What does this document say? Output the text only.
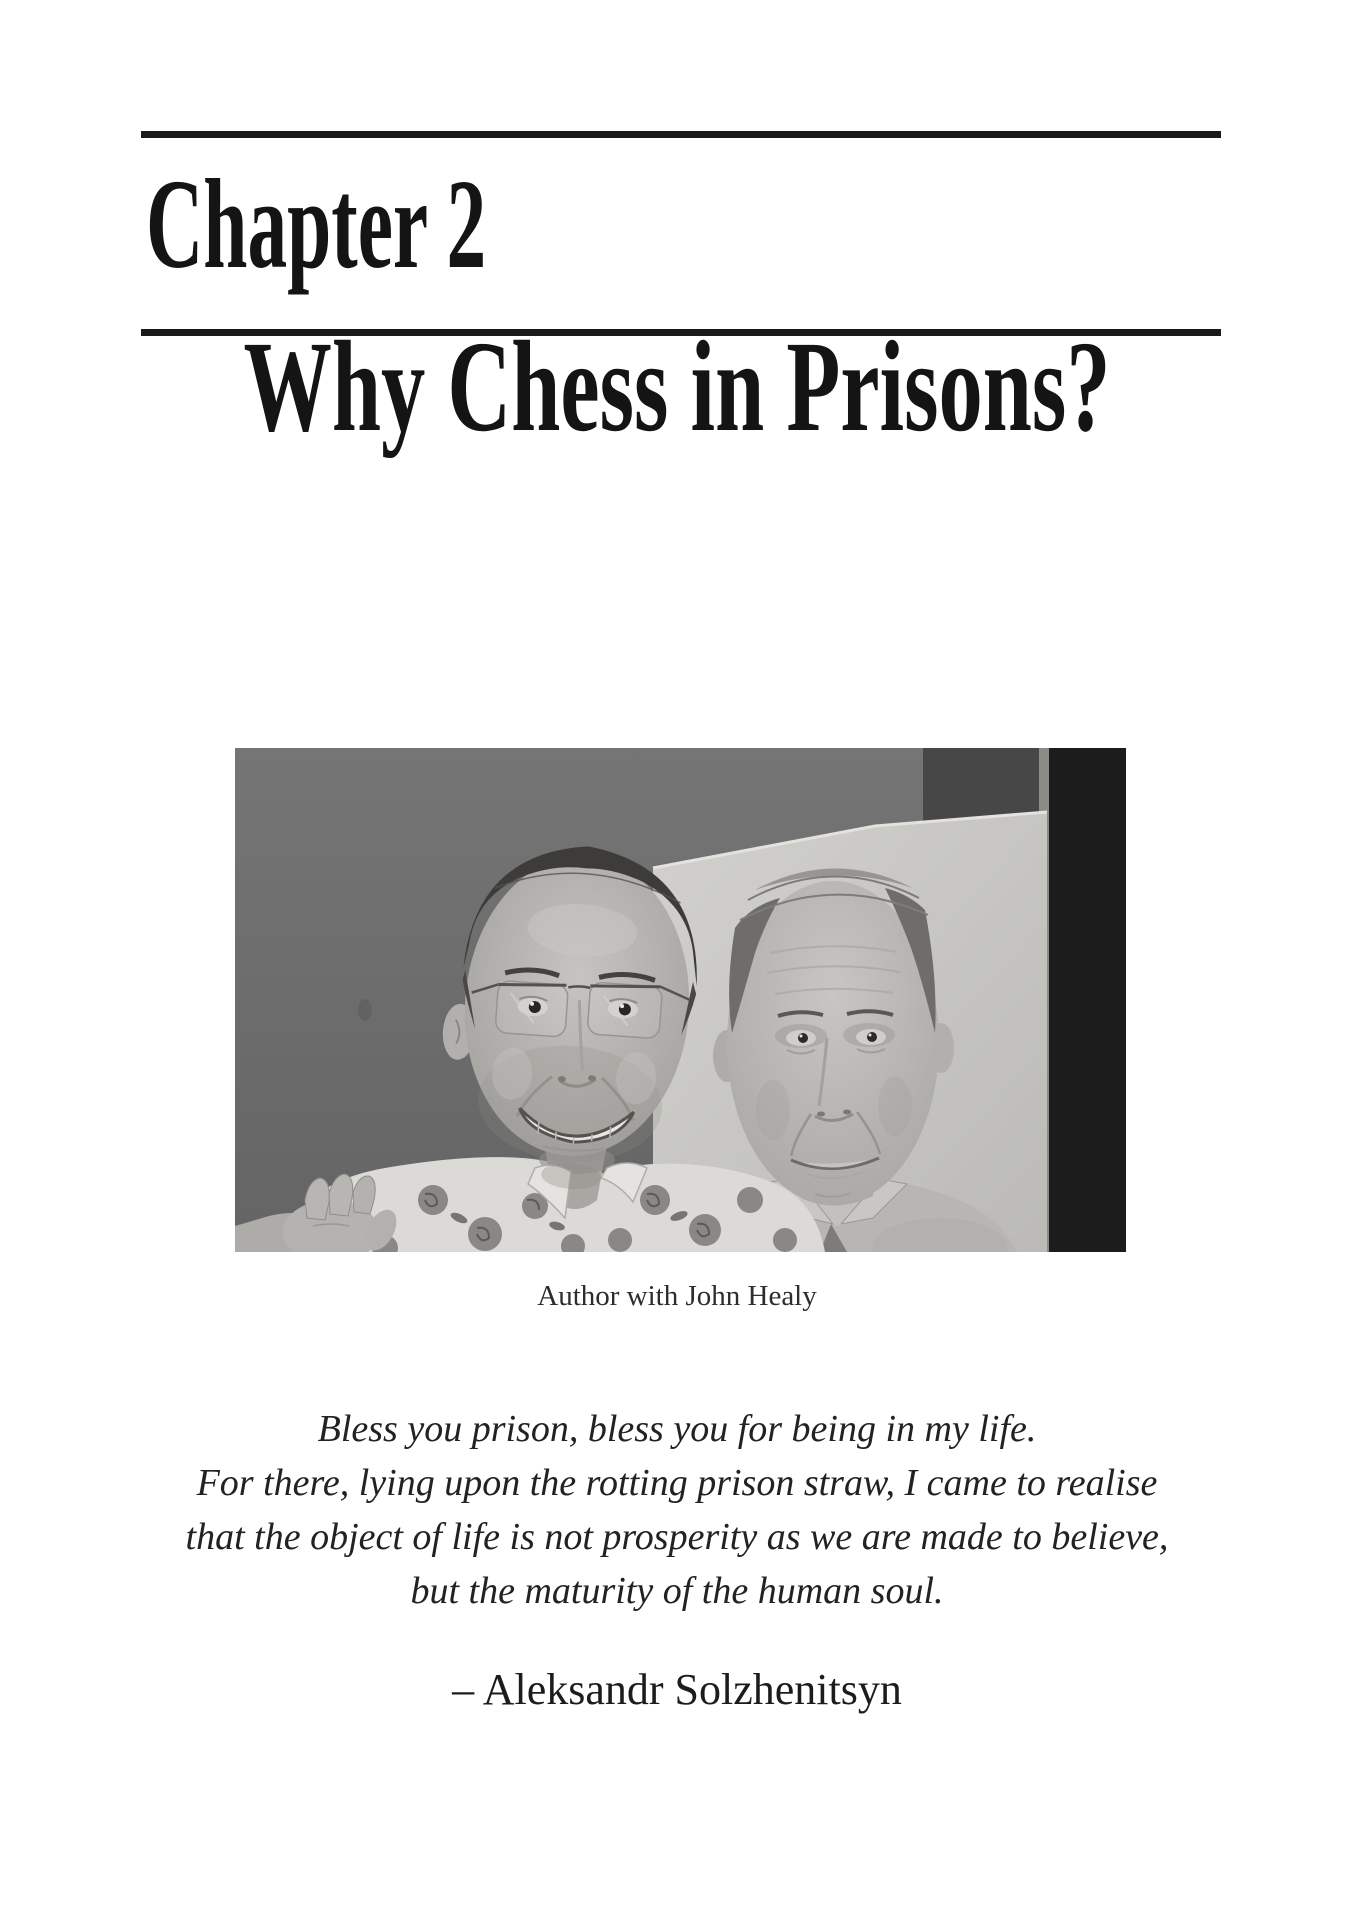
Chapter 2
Why Chess in Prisons?
Author with John Healy

Bless you prison, bless you for being in my life.

For there, lying upon the rotting prison straw, I came to realise

that the object of life is not prosperity as we are made to believe,

but the maturity of the human soul.

– Aleksandr Solzhenitsyn
